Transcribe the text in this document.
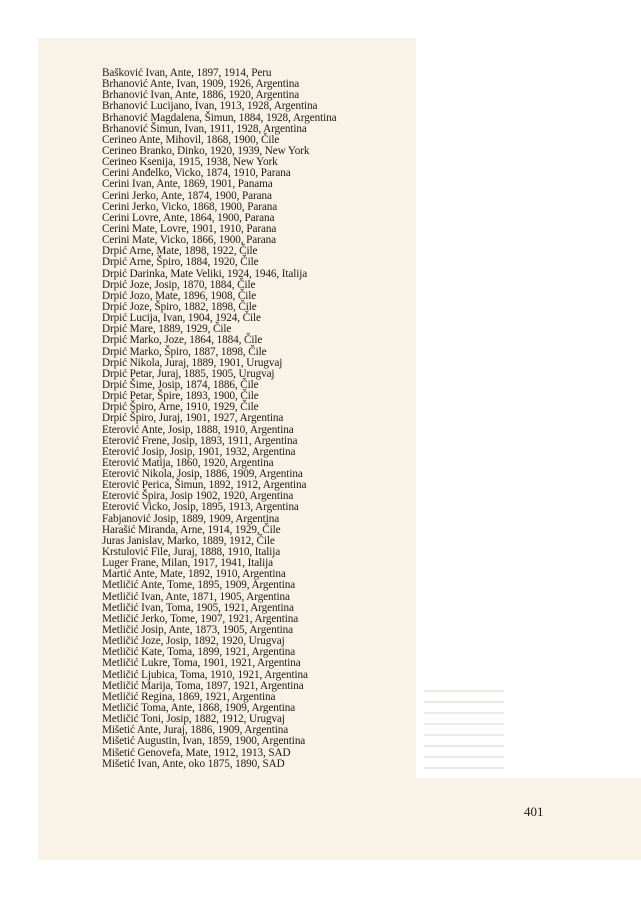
Bašković Ivan, Ante, 1897, 1914, Peru
Brhanović Ante, Ivan, 1909, 1926, Argentina
Brhanović Ivan, Ante, 1886, 1920, Argentina
Brhanović Lucijano, Ivan, 1913, 1928, Argentina
Brhanović Magdalena, Šimun, 1884, 1928, Argentina
Brhanović Šimun, Ivan, 1911, 1928, Argentina
Cerineo Ante, Mihovil, 1868, 1900, Čile
Cerineo Branko, Dinko, 1920, 1939, New York
Cerineo Ksenija, 1915, 1938, New York
Cerini Anđelko, Vicko, 1874, 1910, Parana
Cerini Ivan, Ante, 1869, 1901, Panama
Cerini Jerko, Ante, 1874, 1900, Parana
Cerini Jerko, Vicko, 1868, 1900, Parana
Cerini Lovre, Ante, 1864, 1900, Parana
Cerini Mate, Lovre, 1901, 1910, Parana
Cerini Mate, Vicko, 1866, 1900, Parana
Drpić Arne, Mate, 1898, 1922, Čile
Drpić Arne, Špiro, 1884, 1920, Čile
Drpić Darinka, Mate Veliki, 1924, 1946, Italija
Drpić Joze, Josip, 1870, 1884, Čile
Drpić Jozo, Mate, 1896, 1908, Čile
Drpić Joze, Špiro, 1882, 1898, Čile
Drpić Lucija, Ivan, 1904, 1924, Čile
Drpić Mare, 1889, 1929, Čile
Drpić Marko, Joze, 1864, 1884, Čile
Drpić Marko, Špiro, 1887, 1898, Čile
Drpić Nikola, Juraj, 1889, 1901, Urugvaj
Drpić Petar, Juraj, 1885, 1905, Urugvaj
Drpić Šime, Josip, 1874, 1886, Čile
Drpić Petar, Špire, 1893, 1900, Čile
Drpić Špiro, Arne, 1910, 1929, Čile
Drpić Špiro, Juraj, 1901, 1927, Argentina
Eterović Ante, Josip, 1888, 1910, Argentina
Eterović Frene, Josip, 1893, 1911, Argentina
Eterović Josip, Josip, 1901, 1932, Argentina
Eterović Matija, 1860, 1920, Argentina
Eterović Nikola, Josip, 1886, 1909, Argentina
Eterović Perica, Šimun, 1892, 1912, Argentina
Eterović Špira, Josip 1902, 1920, Argentina
Eterović Vicko, Josip, 1895, 1913, Argentina
Fabjanović Josip, 1889, 1909, Argentina
Harašić Miranda, Arne, 1914, 1929, Čile
Juras Janislav, Marko, 1889, 1912, Čile
Krstulović File, Juraj, 1888, 1910, Italija
Luger Frane, Milan, 1917, 1941, Italija
Martić Ante, Mate, 1892, 1910, Argentina
Metličić Ante, Tome, 1895, 1909, Argentina
Metličić Ivan, Ante, 1871, 1905, Argentina
Metličić Ivan, Toma, 1905, 1921, Argentina
Metličić Jerko, Tome, 1907, 1921, Argentina
Metličić Josip, Ante, 1873, 1905, Argentina
Metličić Joze, Josip, 1892, 1920, Urugvaj
Metličić Kate, Toma, 1899, 1921, Argentina
Metličić Lukre, Toma, 1901, 1921, Argentina
Metličić Ljubica, Toma, 1910, 1921, Argentina
Metličić Marija, Toma, 1897, 1921, Argentina
Metličić Regina, 1869, 1921, Argentina
Metličić Toma, Ante, 1868, 1909, Argentina
Metličić Toni, Josip, 1882, 1912, Urugvaj
Mišetić Ante, Juraj, 1886, 1909, Argentina
Mišetić Augustin, Ivan, 1859, 1900, Argentina
Mišetić Genovefa, Mate, 1912, 1913, SAD
Mišetić Ivan, Ante, oko 1875, 1890, SAD
401
